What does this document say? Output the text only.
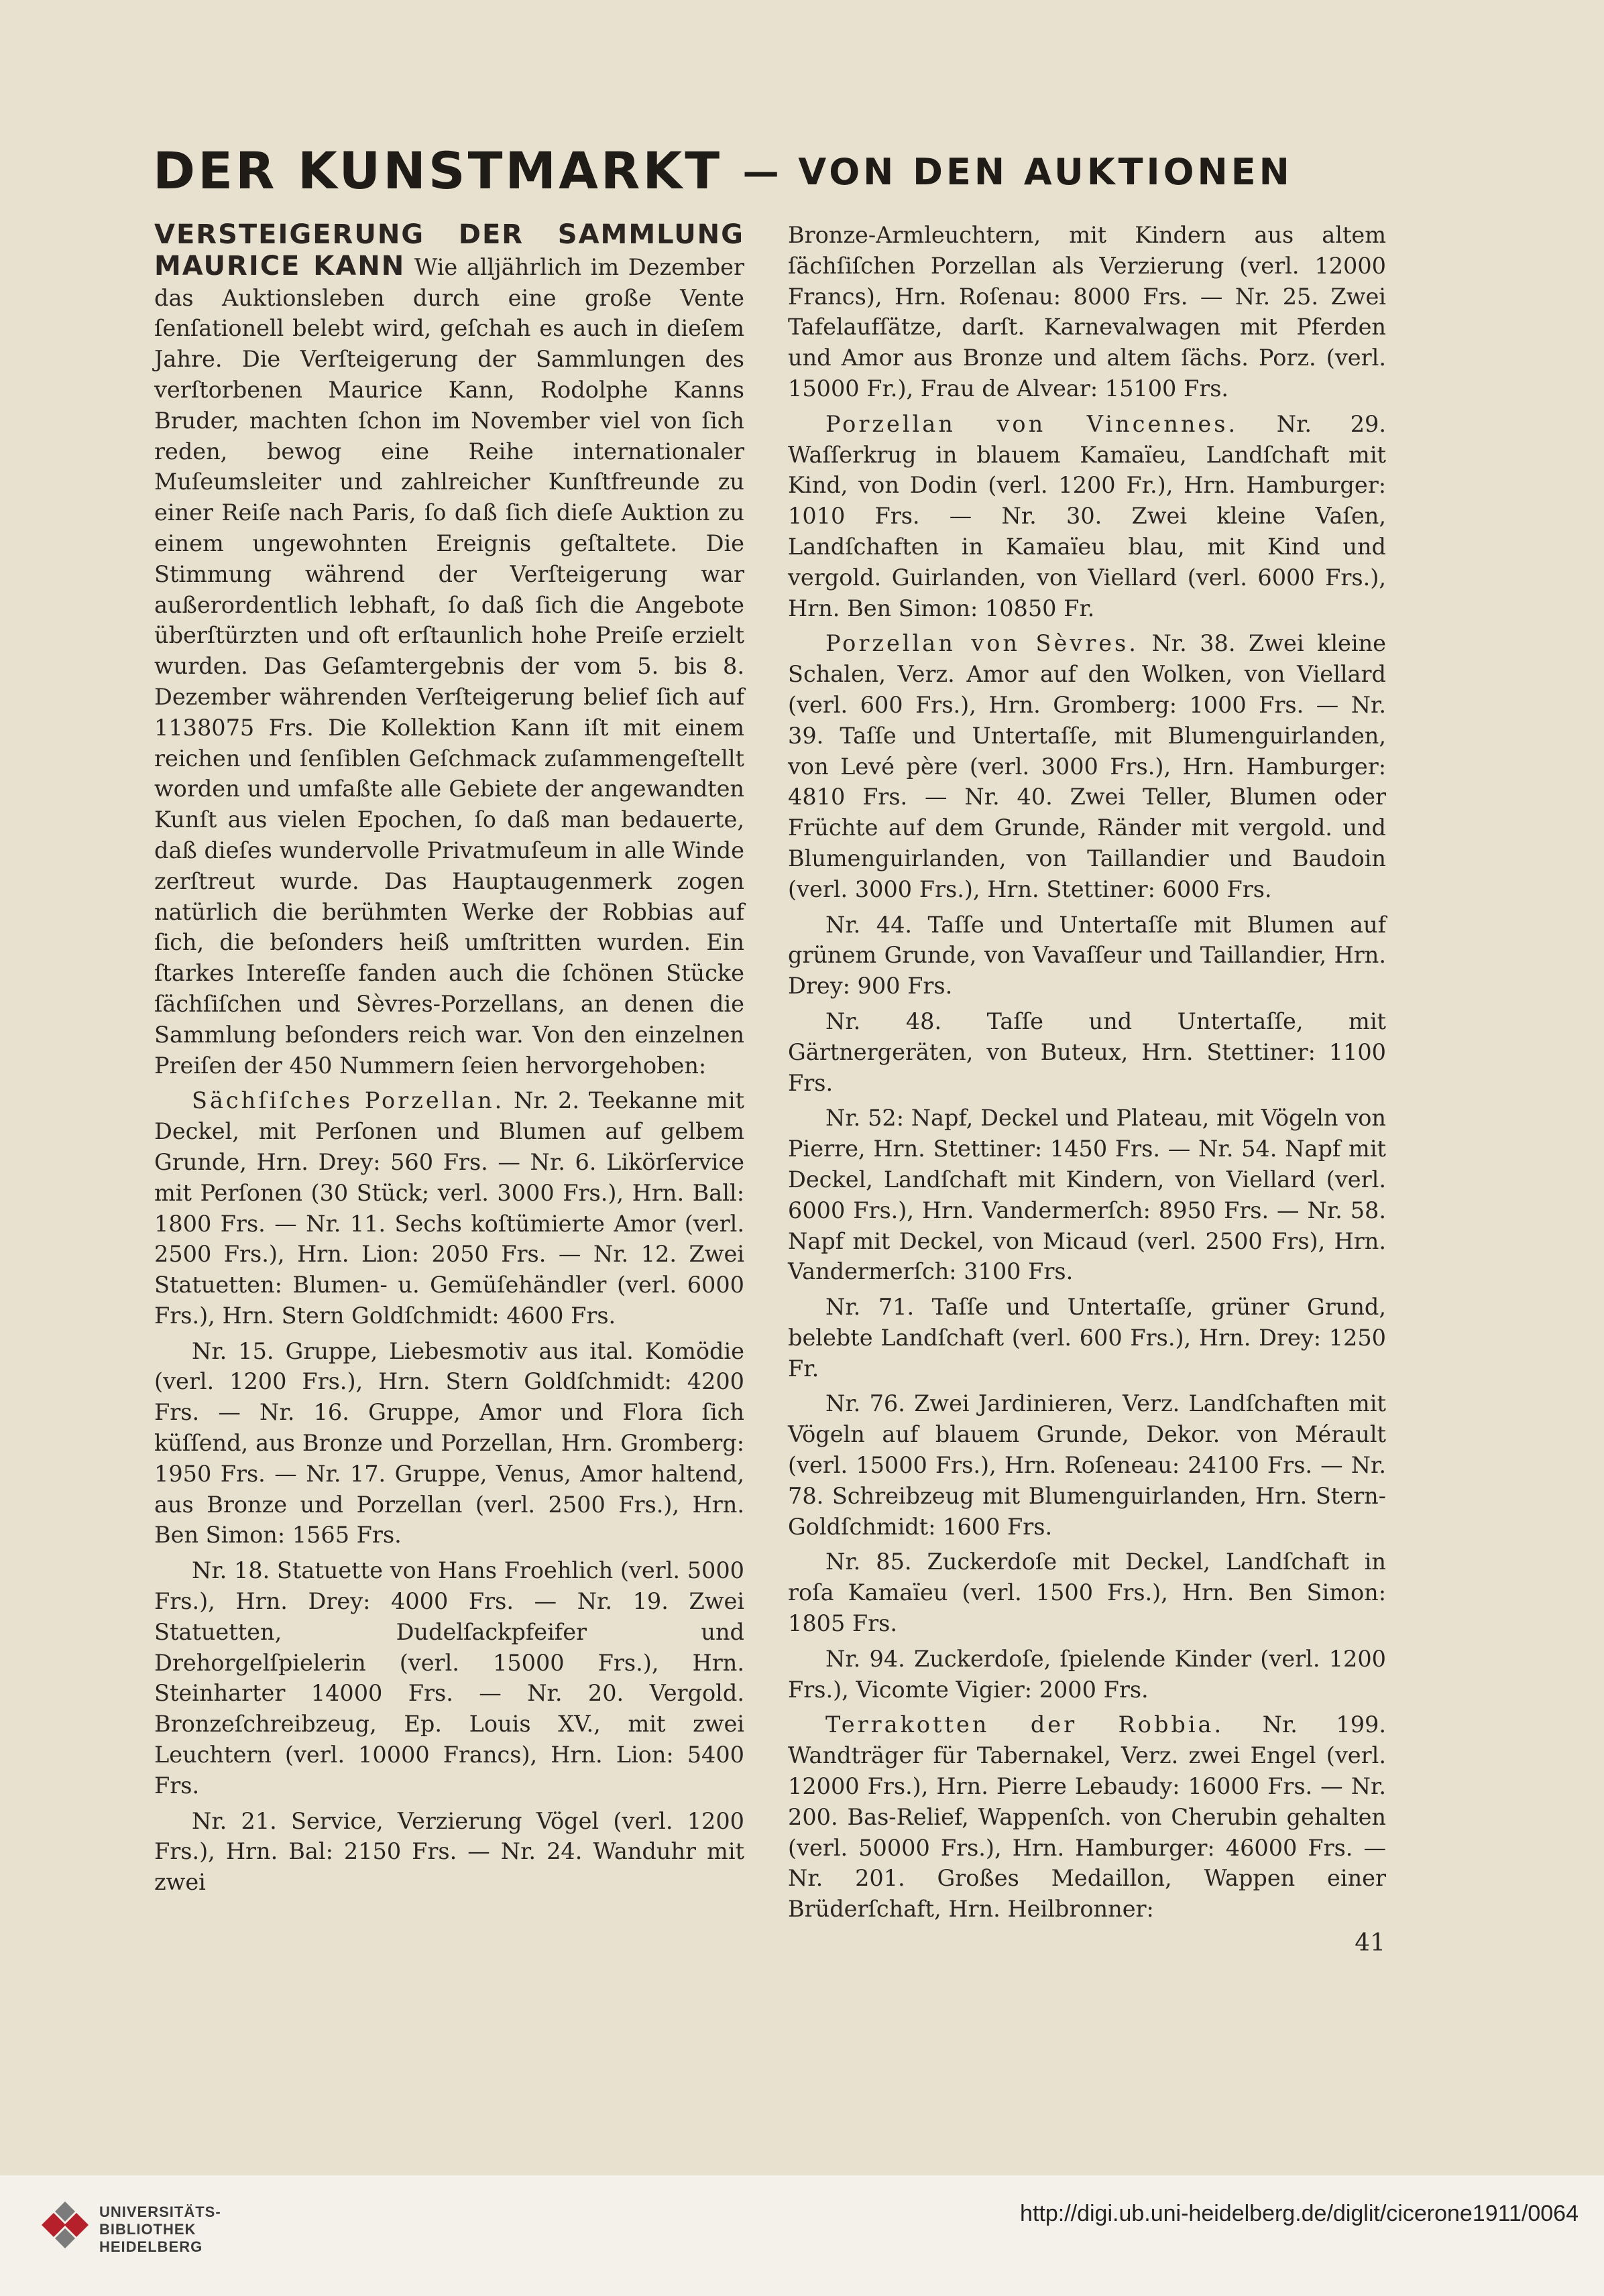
DER KUNSTMARKT — VON DEN AUKTIONEN

VERSTEIGERUNG DER SAMMLUNG MAURICE KANN Wie alljährlich im Dezember das Auktionsleben durch eine große Vente ſenſationell belebt wird, geſchah es auch in dieſem Jahre. Die Verſteigerung der Sammlungen des verſtorbenen Maurice Kann, Rodolphe Kanns Bruder, machten ſchon im November viel von ſich reden, bewog eine Reihe internationaler Muſeumsleiter und zahlreicher Kunſtfreunde zu einer Reiſe nach Paris, ſo daß ſich dieſe Auktion zu einem ungewohnten Ereignis geſtaltete. Die Stimmung während der Verſteigerung war außerordentlich lebhaft, ſo daß ſich die Angebote überſtürzten und oft erſtaunlich hohe Preiſe erzielt wurden. Das Geſamtergebnis der vom 5. bis 8. Dezember währenden Verſteigerung belief ſich auf 1138075 Frs. Die Kollektion Kann iſt mit einem reichen und ſenſiblen Geſchmack zuſammengeſtellt worden und umfaßte alle Gebiete der angewandten Kunſt aus vielen Epochen, ſo daß man bedauerte, daß dieſes wundervolle Privatmuſeum in alle Winde zerſtreut wurde. Das Hauptaugenmerk zogen natürlich die berühmten Werke der Robbias auf ſich, die beſonders heiß umſtritten wurden. Ein ſtarkes Intereſſe fanden auch die ſchönen Stücke ſächſiſchen und Sèvres-Porzellans, an denen die Sammlung beſonders reich war. Von den einzelnen Preiſen der 450 Nummern ſeien hervorgehoben:

Sächſiſches Porzellan. Nr. 2. Teekanne mit Deckel, mit Perſonen und Blumen auf gelbem Grunde, Hrn. Drey: 560 Frs. — Nr. 6. Likörſervice mit Perſonen (30 Stück; verl. 3000 Frs.), Hrn. Ball: 1800 Frs. — Nr. 11. Sechs koſtümierte Amor (verl. 2500 Frs.), Hrn. Lion: 2050 Frs. — Nr. 12. Zwei Statuetten: Blumen- u. Gemüſehändler (verl. 6000 Frs.), Hrn. Stern Goldſchmidt: 4600 Frs.

Nr. 15. Gruppe, Liebesmotiv aus ital. Komödie (verl. 1200 Frs.), Hrn. Stern Goldſchmidt: 4200 Frs. — Nr. 16. Gruppe, Amor und Flora ſich küſſend, aus Bronze und Porzellan, Hrn. Gromberg: 1950 Frs. — Nr. 17. Gruppe, Venus, Amor haltend, aus Bronze und Porzellan (verl. 2500 Frs.), Hrn. Ben Simon: 1565 Frs.

Nr. 18. Statuette von Hans Froehlich (verl. 5000 Frs.), Hrn. Drey: 4000 Frs. — Nr. 19. Zwei Statuetten, Dudelſackpfeifer und Drehorgelſpielerin (verl. 15000 Frs.), Hrn. Steinharter 14000 Frs. — Nr. 20. Vergold. Bronzeſchreibzeug, Ep. Louis XV., mit zwei Leuchtern (verl. 10000 Francs), Hrn. Lion: 5400 Frs.

Nr. 21. Service, Verzierung Vögel (verl. 1200 Frs.), Hrn. Bal: 2150 Frs. — Nr. 24. Wanduhr mit zwei

Bronze-Armleuchtern, mit Kindern aus altem ſächſiſchen Porzellan als Verzierung (verl. 12000 Francs), Hrn. Roſenau: 8000 Frs. — Nr. 25. Zwei Tafelaufſätze, darſt. Karnevalwagen mit Pferden und Amor aus Bronze und altem ſächs. Porz. (verl. 15000 Fr.), Frau de Alvear: 15100 Frs.

Porzellan von Vincennes. Nr. 29. Waſſerkrug in blauem Kamaïeu, Landſchaft mit Kind, von Dodin (verl. 1200 Fr.), Hrn. Hamburger: 1010 Frs. — Nr. 30. Zwei kleine Vaſen, Landſchaften in Kamaïeu blau, mit Kind und vergold. Guirlanden, von Viellard (verl. 6000 Frs.), Hrn. Ben Simon: 10850 Fr.

Porzellan von Sèvres. Nr. 38. Zwei kleine Schalen, Verz. Amor auf den Wolken, von Viellard (verl. 600 Frs.), Hrn. Gromberg: 1000 Frs. — Nr. 39. Taſſe und Untertaſſe, mit Blumenguirlanden, von Levé père (verl. 3000 Frs.), Hrn. Hamburger: 4810 Frs. — Nr. 40. Zwei Teller, Blumen oder Früchte auf dem Grunde, Ränder mit vergold. und Blumenguirlanden, von Taillandier und Baudoin (verl. 3000 Frs.), Hrn. Stettiner: 6000 Frs.

Nr. 44. Taſſe und Untertaſſe mit Blumen auf grünem Grunde, von Vavaſſeur und Taillandier, Hrn. Drey: 900 Frs.

Nr. 48. Taſſe und Untertaſſe, mit Gärtnergeräten, von Buteux, Hrn. Stettiner: 1100 Frs.

Nr. 52: Napf, Deckel und Plateau, mit Vögeln von Pierre, Hrn. Stettiner: 1450 Frs. — Nr. 54. Napf mit Deckel, Landſchaft mit Kindern, von Viellard (verl. 6000 Frs.), Hrn. Vandermerſch: 8950 Frs. — Nr. 58. Napf mit Deckel, von Micaud (verl. 2500 Frs), Hrn. Vandermerſch: 3100 Frs.

Nr. 71. Taſſe und Untertaſſe, grüner Grund, belebte Landſchaft (verl. 600 Frs.), Hrn. Drey: 1250 Fr.

Nr. 76. Zwei Jardinieren, Verz. Landſchaften mit Vögeln auf blauem Grunde, Dekor. von Mérault (verl. 15000 Frs.), Hrn. Roſeneau: 24100 Frs. — Nr. 78. Schreibzeug mit Blumenguirlanden, Hrn. Stern-Goldſchmidt: 1600 Frs.

Nr. 85. Zuckerdoſe mit Deckel, Landſchaft in roſa Kamaïeu (verl. 1500 Frs.), Hrn. Ben Simon: 1805 Frs.

Nr. 94. Zuckerdoſe, ſpielende Kinder (verl. 1200 Frs.), Vicomte Vigier: 2000 Frs.

Terrakotten der Robbia. Nr. 199. Wandträger für Tabernakel, Verz. zwei Engel (verl. 12000 Frs.), Hrn. Pierre Lebaudy: 16000 Frs. — Nr. 200. Bas-Relief, Wappenſch. von Cherubin gehalten (verl. 50000 Frs.), Hrn. Hamburger: 46000 Frs. — Nr. 201. Großes Medaillon, Wappen einer Brüderſchaft, Hrn. Heilbronner:

41
UNIVERSITÄTS-
BIBLIOTHEK
HEIDELBERG
http://digi.ub.uni-heidelberg.de/diglit/cicerone1911/0064
